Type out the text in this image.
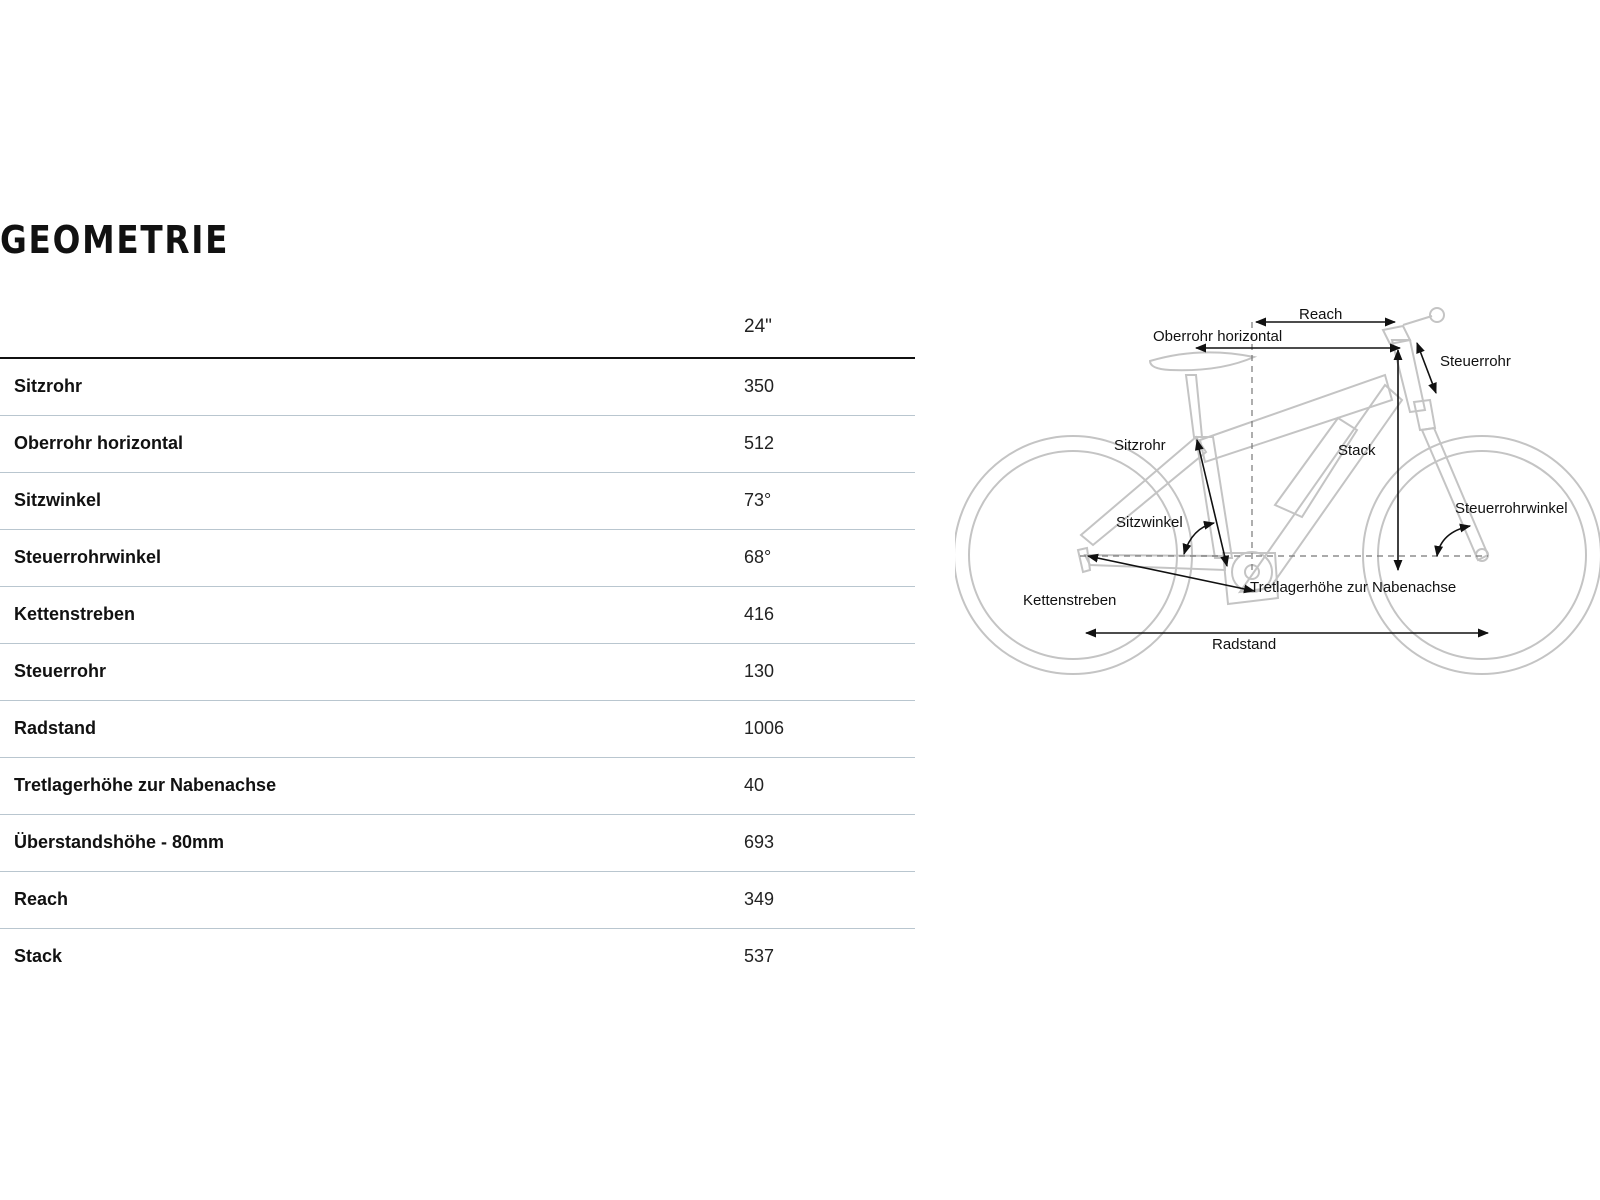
GEOMETRIE
24"
Sitzrohr	350
Oberrohr horizontal	512
Sitzwinkel	73°
Steuerrohrwinkel	68°
Kettenstreben	416
Steuerrohr	130
Radstand	1006
Tretlagerhöhe zur Nabenachse	40
Überstandshöhe - 80mm	693
Reach	349
Stack	537
Reach
Oberrohr horizontal
Steuerrohr
Sitzrohr	Stack
Steuerrohrwinkel
Sitzwinkel
Tretlagerhöhe zur Nabenachse
Kettenstreben
Radstand
